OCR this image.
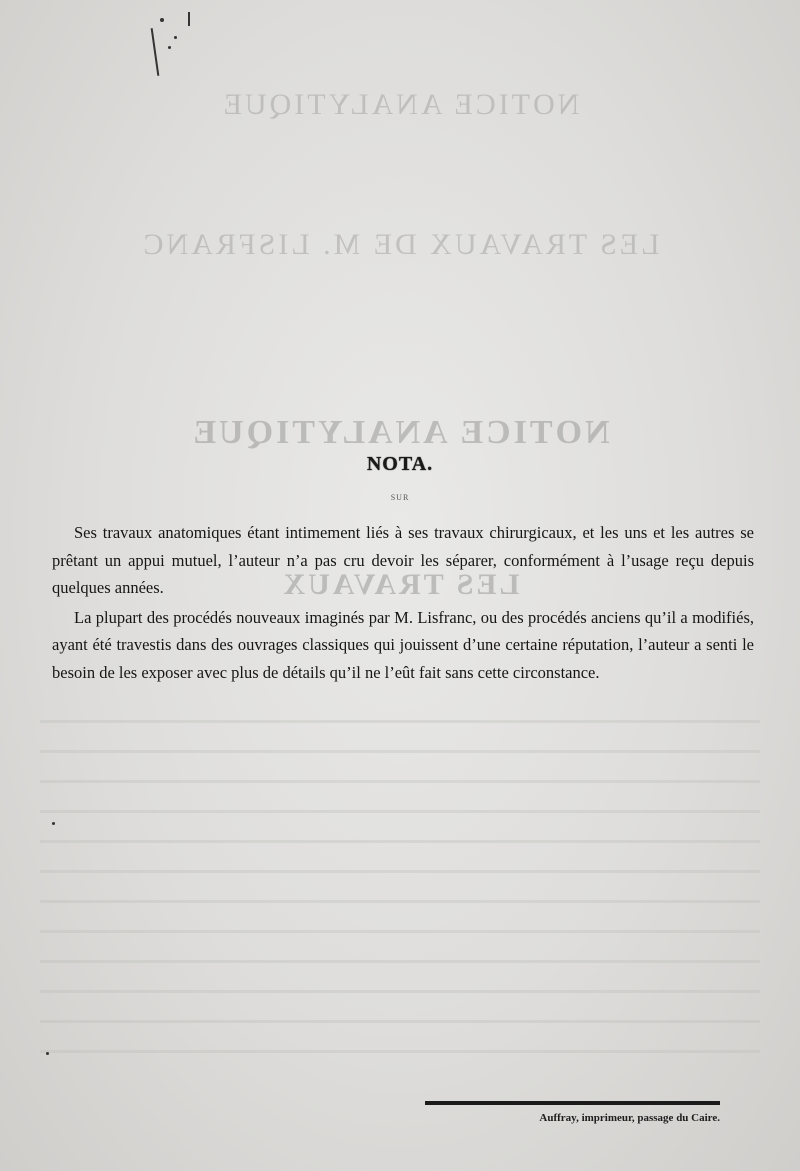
NOTICE ANALYTIQUE
LES TRAVAUX DE M. LISFRANC
NOTICE ANALYTIQUE
LES TRAVAUX
NOTA.
SUR

Ses travaux anatomiques étant intimement liés à ses travaux chirurgicaux, et les uns et les autres se prêtant un appui mutuel, l’auteur n’a pas cru devoir les séparer, conformément à l’usage reçu depuis quelques années.

La plupart des procédés nouveaux imaginés par M. Lisfranc, ou des procédés anciens qu’il a modifiés, ayant été travestis dans des ouvrages classiques qui jouissent d’une certaine réputation, l’auteur a senti le besoin de les exposer avec plus de détails qu’il ne l’eût fait sans cette circonstance.

Auffray, imprimeur, passage du Caire.
